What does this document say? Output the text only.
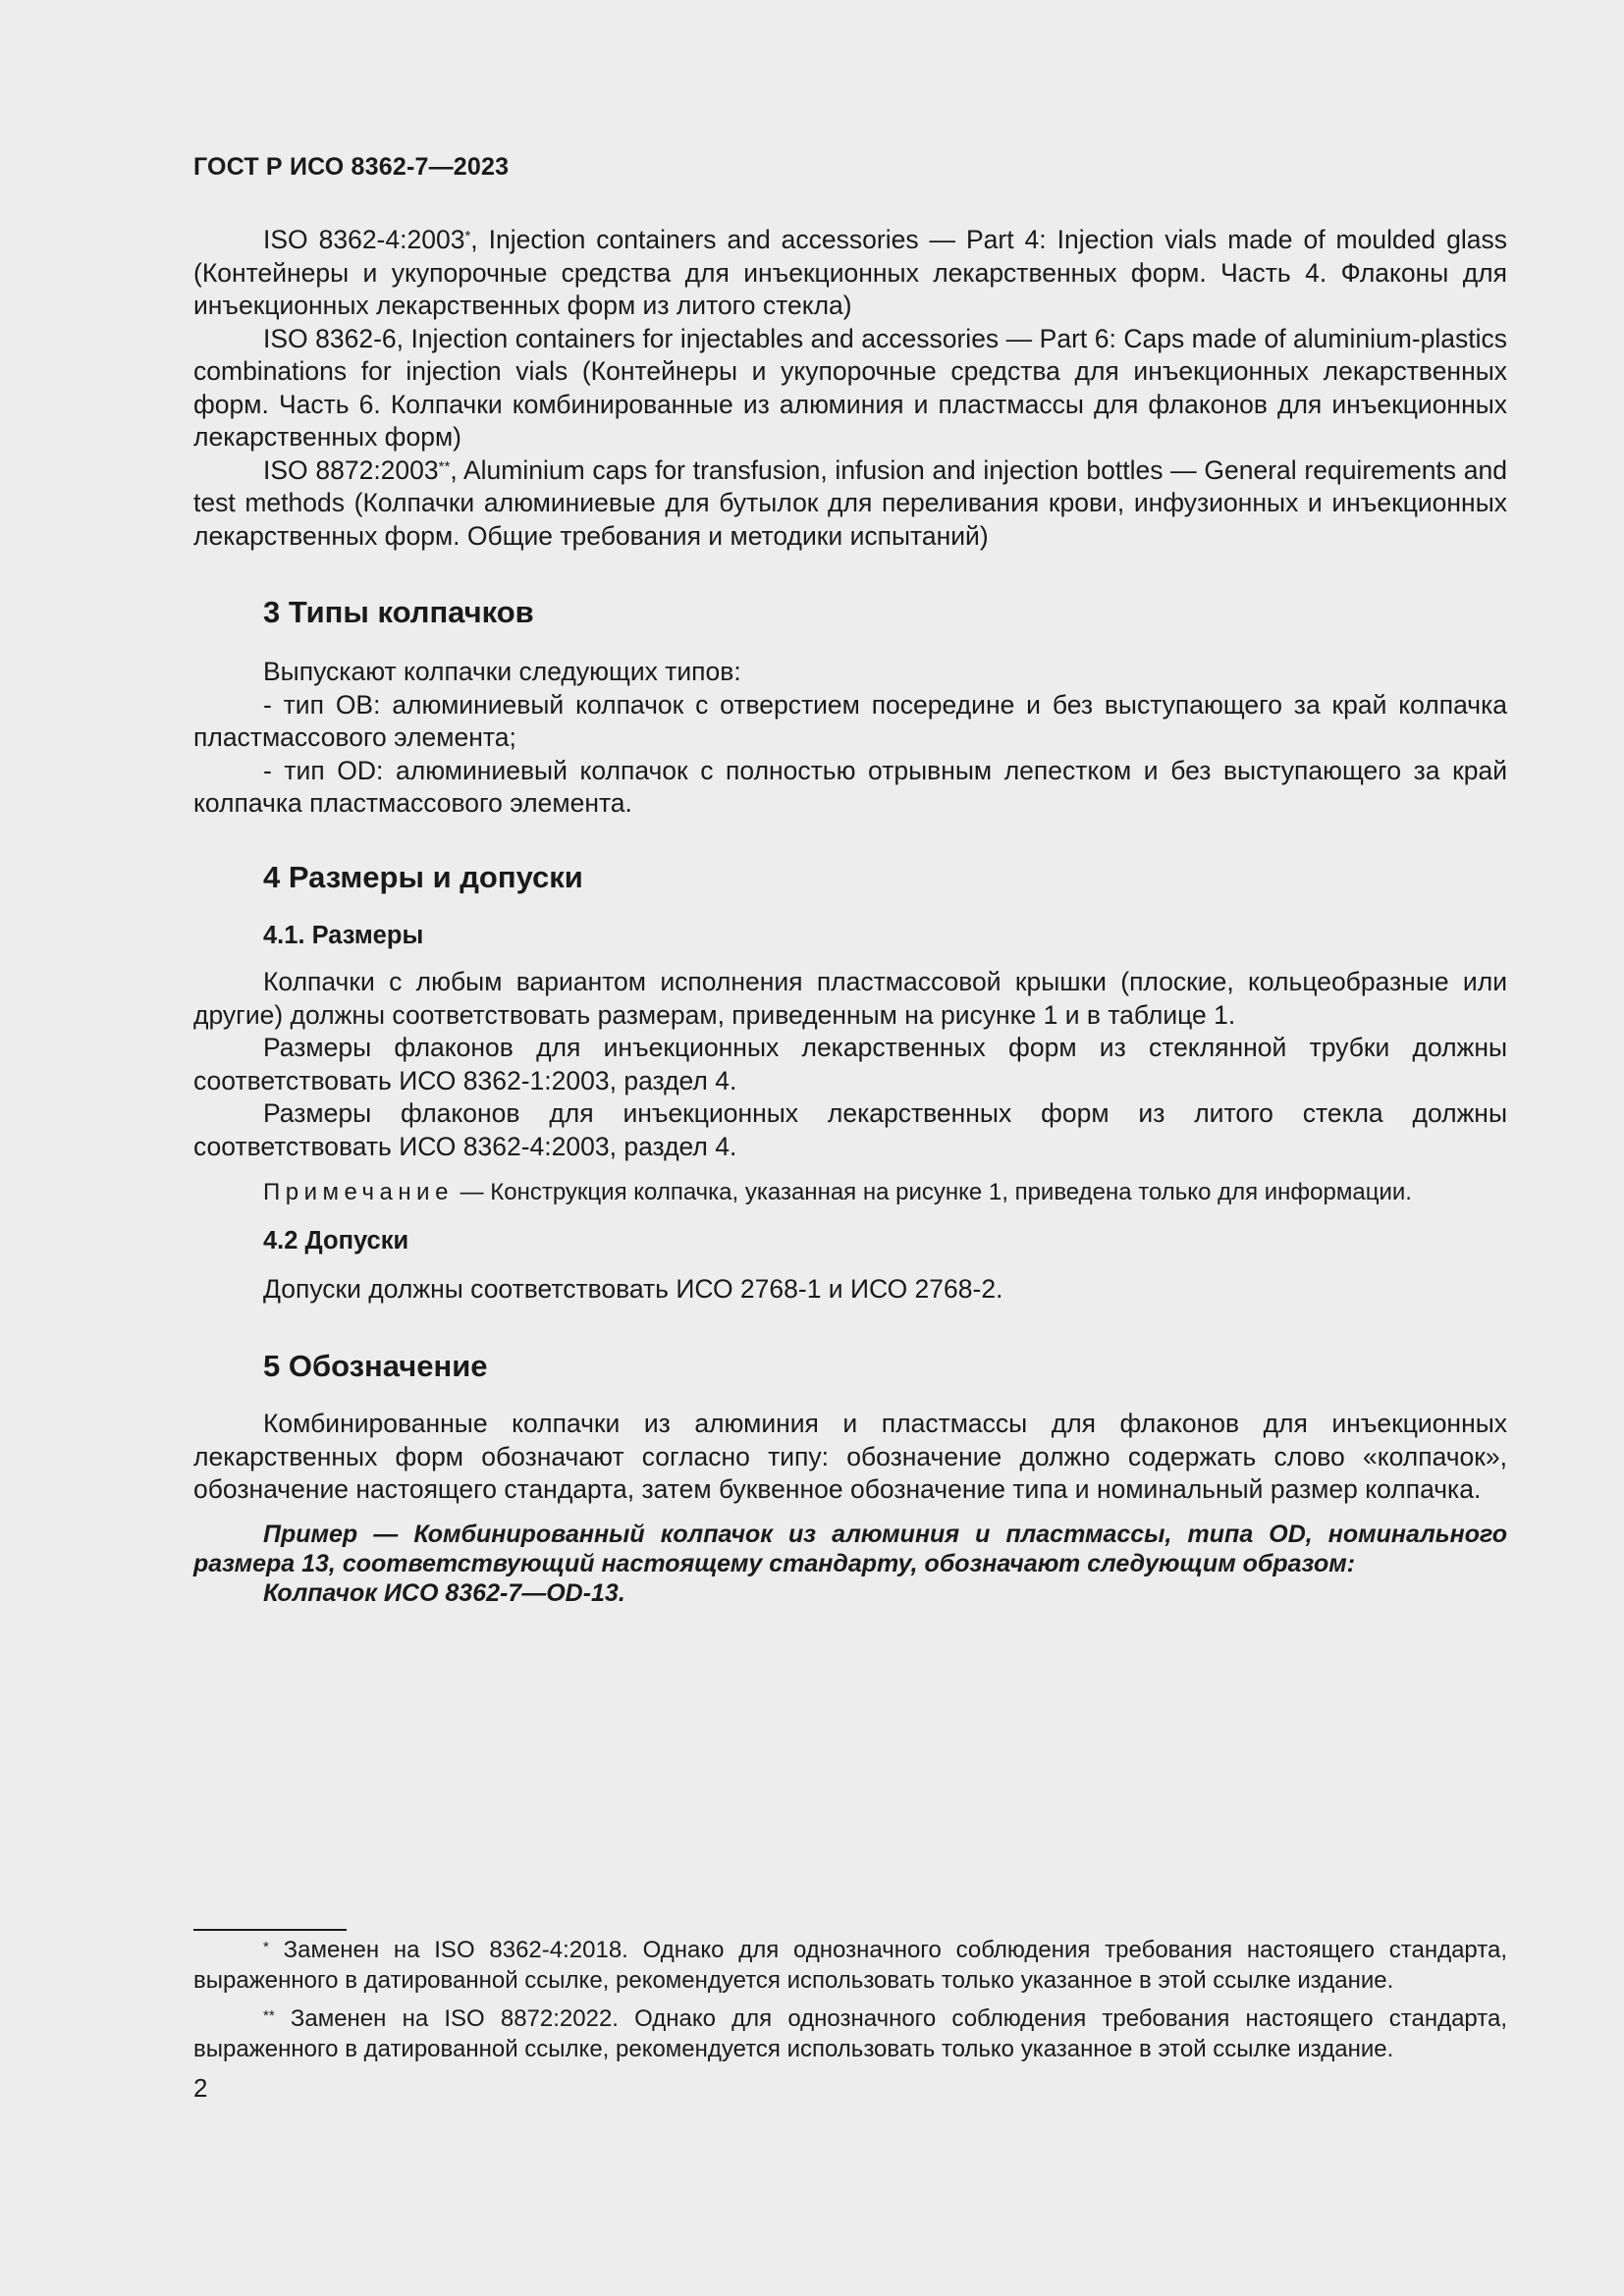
ГОСТ Р ИСО 8362-7—2023

ISO 8362-4:2003*, Injection containers and accessories — Part 4: Injection vials made of moulded glass (Контейнеры и укупорочные средства для инъекционных лекарственных форм. Часть 4. Флаконы для инъекционных лекарственных форм из литого стекла)

ISO 8362-6, Injection containers for injectables and accessories — Part 6: Caps made of aluminium-plastics combinations for injection vials (Контейнеры и укупорочные средства для инъекционных лекарственных форм. Часть 6. Колпачки комбинированные из алюминия и пластмассы для флаконов для инъекционных лекарственных форм)

ISO 8872:2003**, Aluminium caps for transfusion, infusion and injection bottles — General requirements and test methods (Колпачки алюминиевые для бутылок для переливания крови, инфузионных и инъекционных лекарственных форм. Общие требования и методики испытаний)

3 Типы колпачков

Выпускают колпачки следующих типов:

- тип OB: алюминиевый колпачок с отверстием посередине и без выступающего за край колпачка пластмассового элемента;

- тип OD: алюминиевый колпачок с полностью отрывным лепестком и без выступающего за край колпачка пластмассового элемента.

4 Размеры и допуски
4.1. Размеры

Колпачки с любым вариантом исполнения пластмассовой крышки (плоские, кольцеобразные или другие) должны соответствовать размерам, приведенным на рисунке 1 и в таблице 1.

Размеры флаконов для инъекционных лекарственных форм из стеклянной трубки должны соответствовать ИСО 8362-1:2003, раздел 4.

Размеры флаконов для инъекционных лекарственных форм из литого стекла должны соответствовать ИСО 8362-4:2003, раздел 4.

Примечание — Конструкция колпачка, указанная на рисунке 1, приведена только для информации.
4.2 Допуски

Допуски должны соответствовать ИСО 2768-1 и ИСО 2768-2.

5 Обозначение

Комбинированные колпачки из алюминия и пластмассы для флаконов для инъекционных лекарственных форм обозначают согласно типу: обозначение должно содержать слово «колпачок», обозначение настоящего стандарта, затем буквенное обозначение типа и номинальный размер колпачка.

Пример — Комбинированный колпачок из алюминия и пластмассы, типа OD, номинального размера 13, соответствующий настоящему стандарту, обозначают следующим образом:
Колпачок ИСО 8362-7—OD-13.

* Заменен на ISO 8362-4:2018. Однако для однозначного соблюдения требования настоящего стандарта, выраженного в датированной ссылке, рекомендуется использовать только указанное в этой ссылке издание.

** Заменен на ISO 8872:2022. Однако для однозначного соблюдения требования настоящего стандарта, выраженного в датированной ссылке, рекомендуется использовать только указанное в этой ссылке издание.

2
